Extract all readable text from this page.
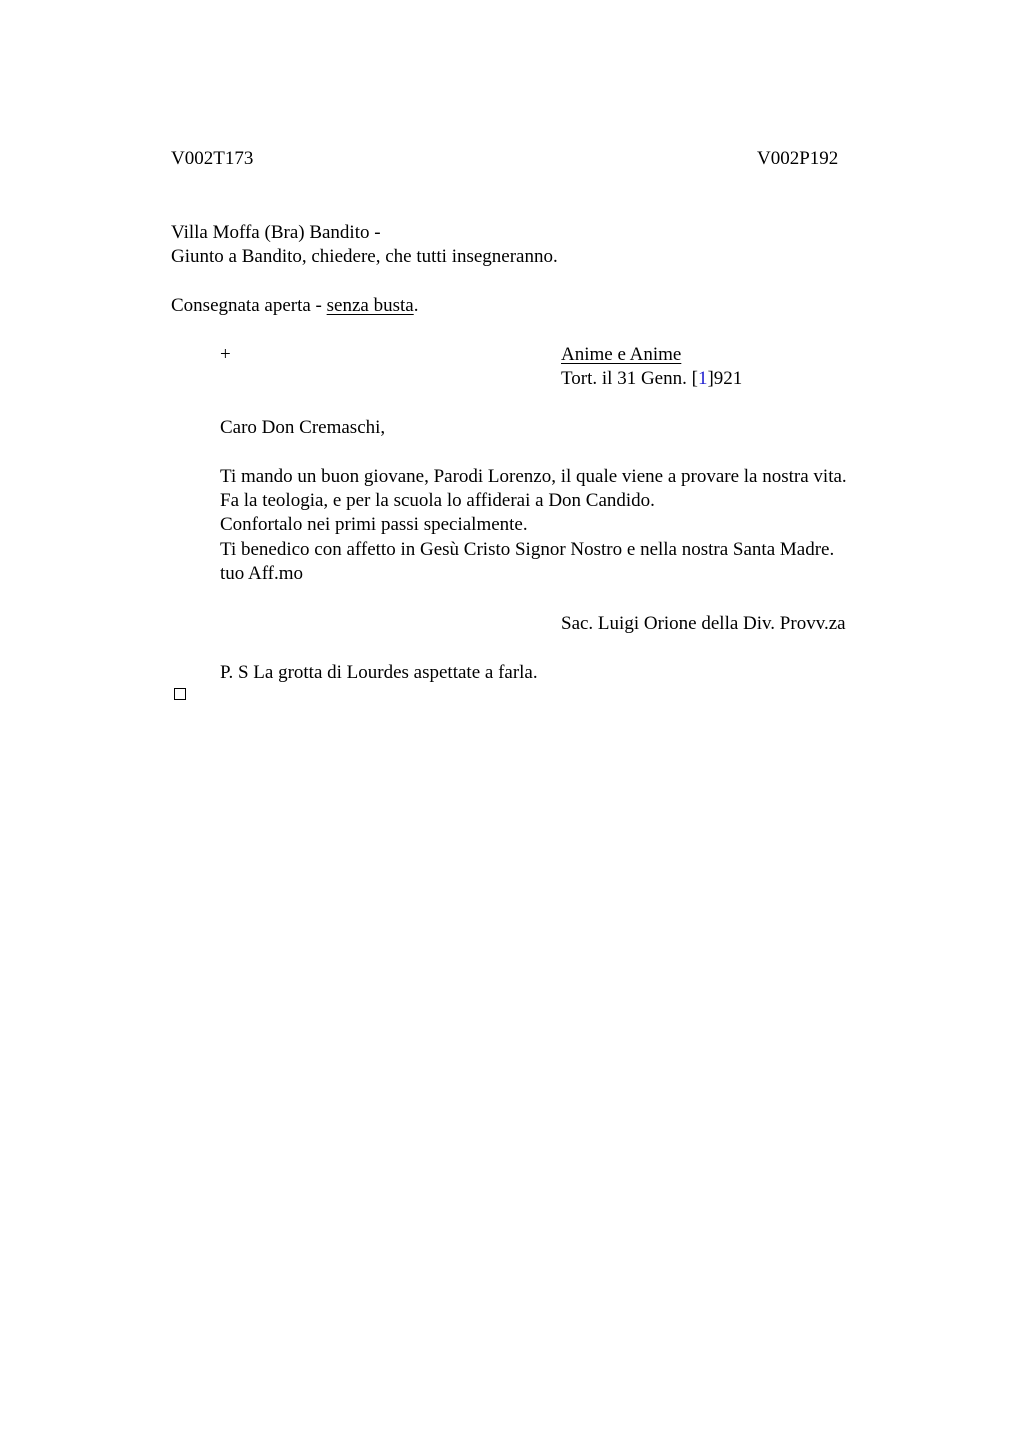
V002T173	V002P192
Villa Moffa (Bra) Bandito -
Giunto a Bandito, chiedere, che tutti insegneranno.
Consegnata aperta - senza busta.
+	Anime e Anime
Tort. il 31 Genn. [1]921
Caro Don Cremaschi,
Ti mando un buon giovane, Parodi Lorenzo, il quale viene a provare la nostra vita.
Fa la teologia, e per la scuola lo affiderai a Don Candido.
Confortalo nei primi passi specialmente.
Ti benedico con affetto in Gesù Cristo Signor Nostro e nella nostra Santa Madre.
tuo Aff.mo
Sac. Luigi Orione della Div. Provv.za
P. S La grotta di Lourdes aspettate a farla.
